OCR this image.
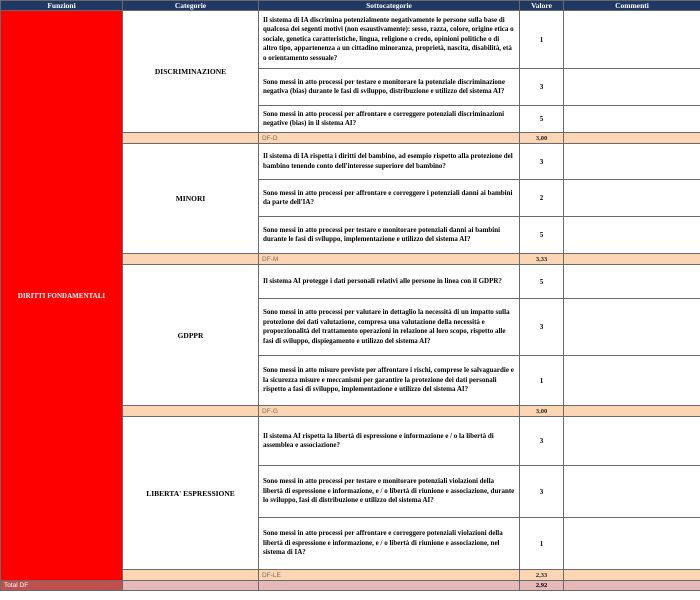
Funzioni	Categorie	Sottocategorie	Valore	Commenti
DIRITTI FONDAMENTALI	DISCRIMINAZIONE	Il sistema di IA discrimina potenzialmente negativamente le persone sulla base di qualcosa dei segenti motivi (non esaustivamente): sesso, razza, colore, origine etica o sociale, genetica caratteristiche, lingua, religione o credo, opinioni politiche o di altro tipo, appartenenza a un cittadino minoranza, proprietà, nascita, disabilità, età o orientamento sessuale?	1	
		Sono messi in atto processi per testare e monitorare la potenziale discriminazione negativa (bias) durante le fasi di sviluppo, distribuzione e utilizzo del sistema AI?	3	
		Sono messi in atto processi per affrontare e correggere potenziali discriminazioni negative (bias) in il sistema AI?	5	
		DF-D	3,00	
	MINORI	Il sistema di IA rispetta i diritti del bambino, ad esempio rispetto alla protezione del bambino tenendo conto dell'interesse superiore del bambino?	3	
		Sono messi in atto processi per affrontare e correggere i potenziali danni ai bambini da parte dell'IA?	2	
		Sono messi in atto processi per testare e monitorare potenziali danni ai bambini durante le fasi di sviluppo, implementazione e utilizzo del sistema AI?	5	
		DF-M	3,33	
	GDPPR	Il sistema AI protegge i dati personali relativi alle persone in linea con il GDPR?	5	
		Sono messi in atto processi per valutare in dettaglio la necessità di un impatto sulla protezione dei dati valutazione, compresa una valutazione della necessità e proporzionalità del trattamento operazioni in relazione al loro scopo, rispetto alle fasi di sviluppo, dispiegamento e utilizzo del sistema AI?	3	
		Sono messi in atto misure previste per affrontare i rischi, comprese le salvaguardie e la sicurezza misure e meccanismi per garantire la protezione dei dati personali rispetto a fasi di sviluppo, implementazione e utilizzo del sistema AI?	1	
		DF-G	3,00	
	LIBERTA' ESPRESSIONE	Il sistema AI rispetta la libertà di espressione e informazione e / o la libertà di assemblea e associazione?	3	
		Sono messi in atto processi per testare e monitorare potenziali violazioni della libertà di espressione e informazione, e / o libertà di riunione e associazione, durante lo sviluppo, fasi di distribuzione e utilizzo del sistema AI?	3	
		Sono messi in atto processi per affrontare e correggere potenziali violazioni della libertà di espressione e informazione, e / o libertà di riunione e associazione, nel sistema di IA?	1	
		DF-LE	2,33	
Total DF			2,92	
